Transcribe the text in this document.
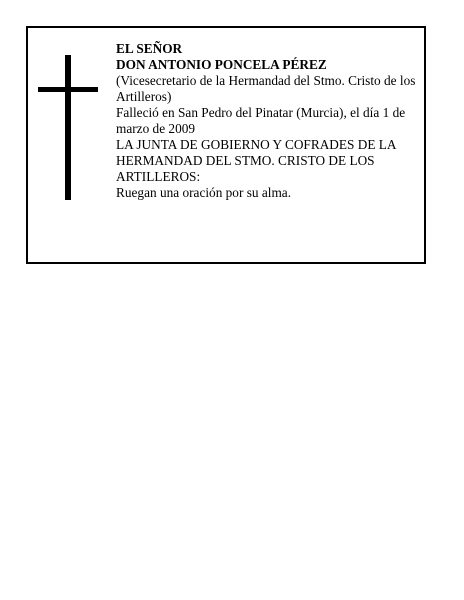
EL SEÑOR

DON ANTONIO PONCELA PÉREZ

(Vicesecretario de la Hermandad del Stmo. Cristo de los Artilleros)

Falleció en San Pedro del Pinatar (Murcia), el día 1 de marzo de 2009

LA JUNTA DE GOBIERNO Y COFRADES DE LA HERMANDAD DEL STMO. CRISTO DE LOS ARTILLEROS:

Ruegan una oración por su alma.
